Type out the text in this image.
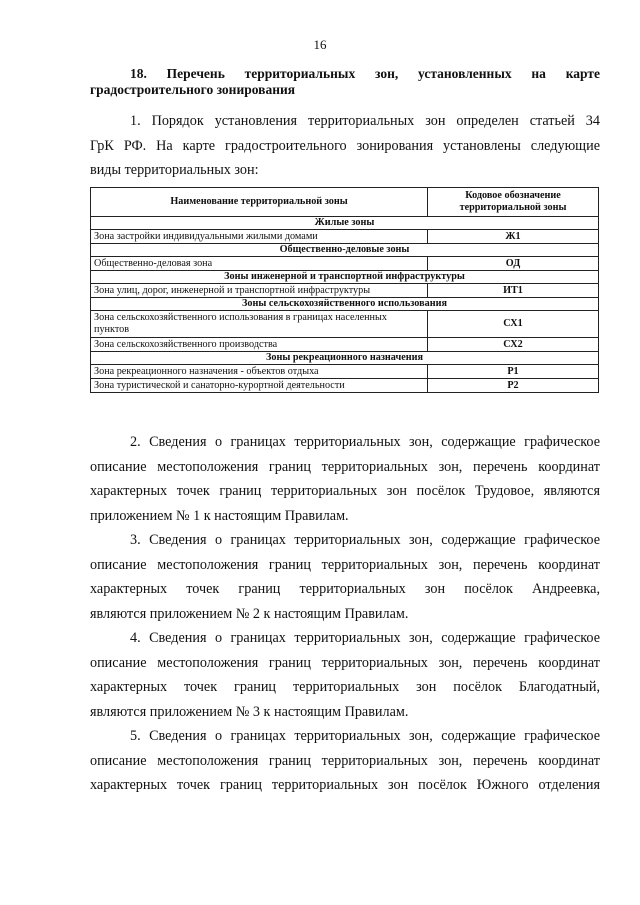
16
18. Перечень территориальных зон, установленных на карте
градостроительного зонирования
1. Порядок установления территориальных зон определен статьей 34
ГрК РФ. На карте градостроительного зонирования установлены следующие
виды территориальных зон:
Наименование территориальной зоны	Кодовое обозначение территориальной зоны
Жилые зоны	
Зона застройки индивидуальными жилыми домами	Ж1
Общественно-деловые зоны	
Общественно-деловая зона	ОД
Зоны инженерной и транспортной инфраструктуры	
Зона улиц, дорог, инженерной и транспортной инфраструктуры	ИТ1
Зоны сельскохозяйственного использования	
Зона сельскохозяйственного использования в границах населенных пунктов	СХ1
Зона сельскохозяйственного производства	СХ2
Зоны рекреационного назначения	
Зона рекреационного назначения - объектов отдыха	Р1
Зона туристической и санаторно-курортной деятельности	Р2
2. Сведения о границах территориальных зон, содержащие графическое
описание местоположения границ территориальных зон, перечень координат
характерных точек границ территориальных зон посёлок Трудовое, являются
приложением № 1 к настоящим Правилам.
3. Сведения о границах территориальных зон, содержащие графическое
описание местоположения границ территориальных зон, перечень координат
характерных точек границ территориальных зон посёлок Андреевка,
являются приложением № 2 к настоящим Правилам.
4. Сведения о границах территориальных зон, содержащие графическое
описание местоположения границ территориальных зон, перечень координат
характерных точек границ территориальных зон посёлок Благодатный,
являются приложением № 3 к настоящим Правилам.
5. Сведения о границах территориальных зон, содержащие графическое
описание местоположения границ территориальных зон, перечень координат
характерных точек границ территориальных зон посёлок Южного отделения
